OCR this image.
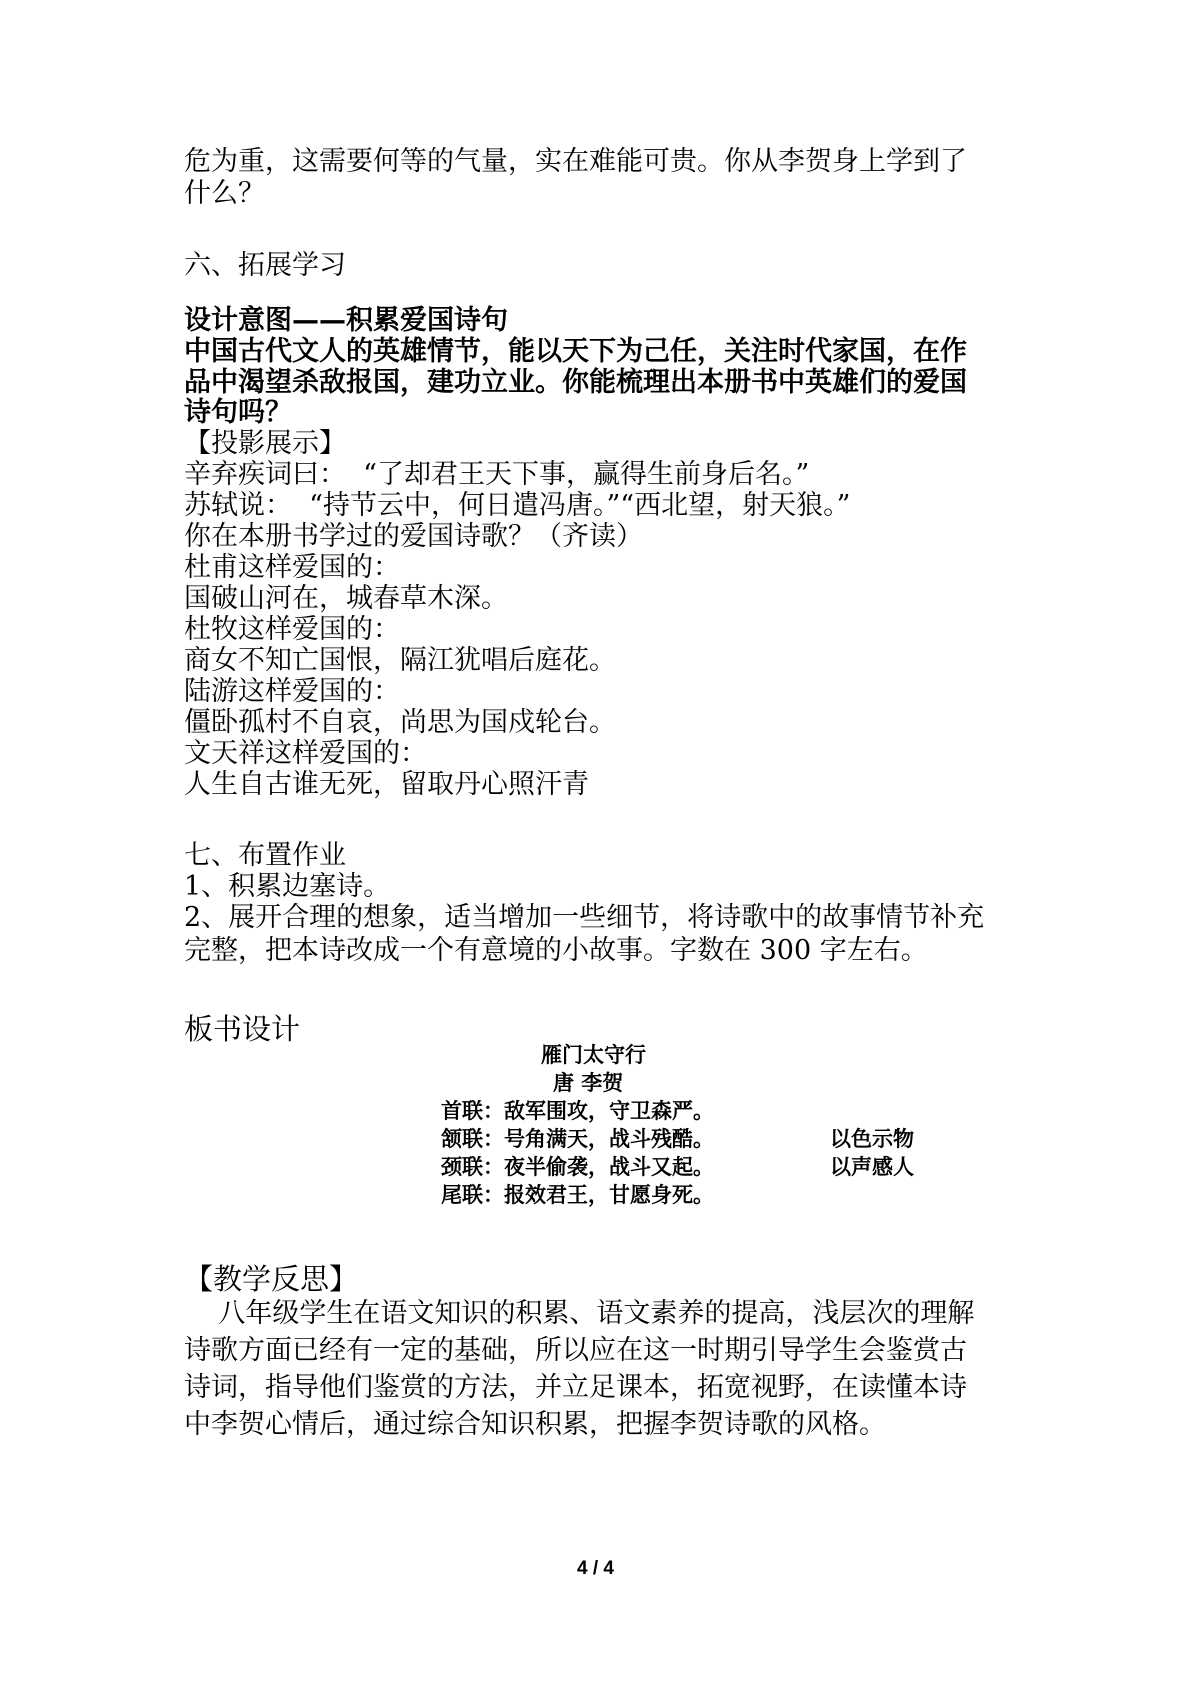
危为重，这需要何等的气量，实在难能可贵。你从李贺身上学到了
什么？
六、拓展学习
设计意图——积累爱国诗句
中国古代文人的英雄情节，能以天下为己任，关注时代家国，在作
品中渴望杀敌报国，建功立业。你能梳理出本册书中英雄们的爱国
诗句吗？
【投影展示】
辛弃疾词曰：  “了却君王天下事，赢得生前身后名。”
苏轼说：  “持节云中，何日遣冯唐。”“西北望，射天狼。”
你在本册书学过的爱国诗歌？（齐读）
杜甫这样爱国的：
国破山河在，城春草木深。
杜牧这样爱国的：
商女不知亡国恨，隔江犹唱后庭花。
陆游这样爱国的：
僵卧孤村不自哀，尚思为国戍轮台。
文天祥这样爱国的：
人生自古谁无死，留取丹心照汗青
七、布置作业
1、积累边塞诗。
2、展开合理的想象，适当增加一些细节，将诗歌中的故事情节补充
完整，把本诗改成一个有意境的小故事。字数在 300 字左右。
板书设计
雁门太守行
唐 李贺
首联：敌军围攻，守卫森严。
颔联：号角满天，战斗残酷。
颈联：夜半偷袭，战斗又起。
尾联：报效君王，甘愿身死。
以色示物
以声感人
【教学反思】
八年级学生在语文知识的积累、语文素养的提高，浅层次的理解
诗歌方面已经有一定的基础，所以应在这一时期引导学生会鉴赏古
诗词，指导他们鉴赏的方法，并立足课本，拓宽视野，在读懂本诗
中李贺心情后，通过综合知识积累，把握李贺诗歌的风格。
4 / 4
